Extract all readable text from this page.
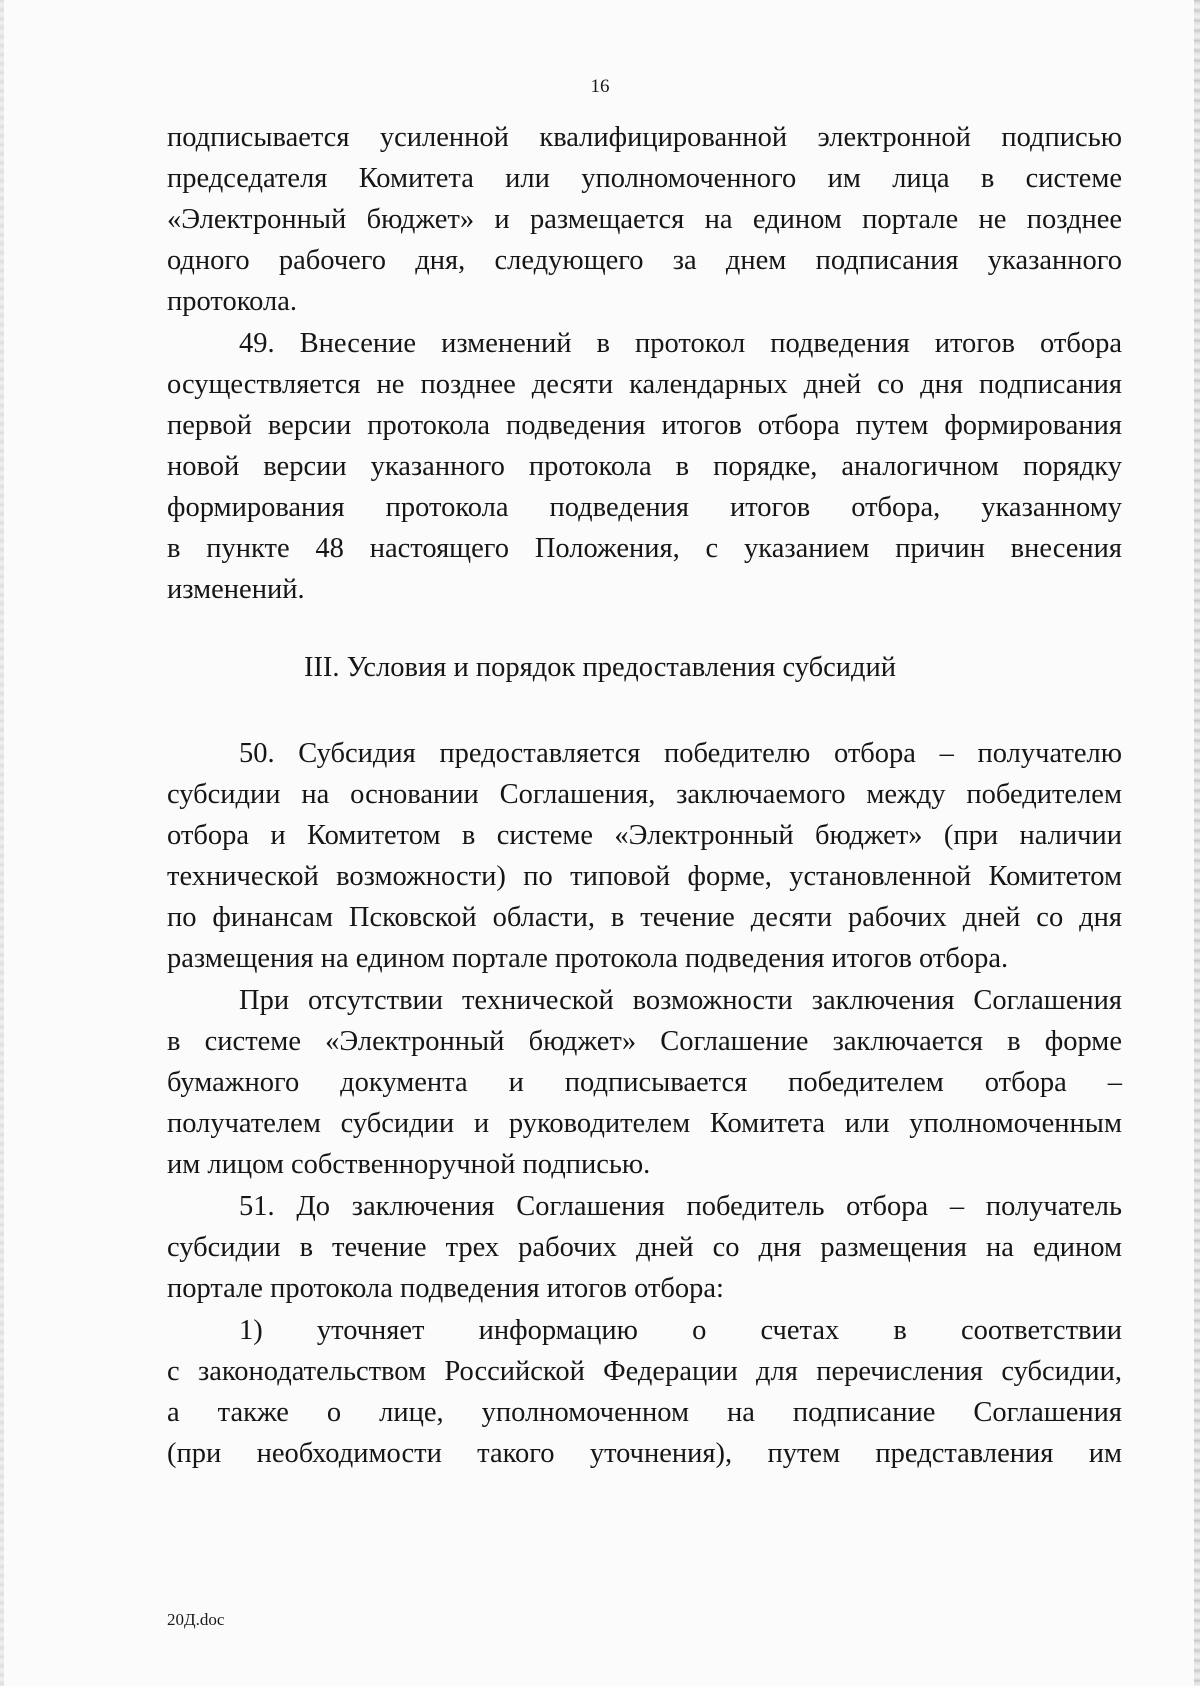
16
подписывается усиленной квалифицированной электронной подписью
председателя Комитета или уполномоченного им лица в системе
«Электронный бюджет» и размещается на едином портале не позднее
одного рабочего дня, следующего за днем подписания указанного
протокола.
49. Внесение изменений в протокол подведения итогов отбора
осуществляется не позднее десяти календарных дней со дня подписания
первой версии протокола подведения итогов отбора путем формирования
новой версии указанного протокола в порядке, аналогичном порядку
формирования протокола подведения итогов отбора, указанному
в пункте 48 настоящего Положения, с указанием причин внесения
изменений.
III. Условия и порядок предоставления субсидий
50. Субсидия предоставляется победителю отбора – получателю
субсидии на основании Соглашения, заключаемого между победителем
отбора и Комитетом в системе «Электронный бюджет» (при наличии
технической возможности) по типовой форме, установленной Комитетом
по финансам Псковской области, в течение десяти рабочих дней со дня
размещения на едином портале протокола подведения итогов отбора.
При отсутствии технической возможности заключения Соглашения
в системе «Электронный бюджет» Соглашение заключается в форме
бумажного документа и подписывается победителем отбора –
получателем субсидии и руководителем Комитета или уполномоченным
им лицом собственноручной подписью.
51. До заключения Соглашения победитель отбора – получатель
субсидии в течение трех рабочих дней со дня размещения на едином
портале протокола подведения итогов отбора:
1) уточняет информацию о счетах в соответствии
с законодательством Российской Федерации для перечисления субсидии,
а также о лице, уполномоченном на подписание Соглашения
(при необходимости такого уточнения), путем представления им
20Д.doc
